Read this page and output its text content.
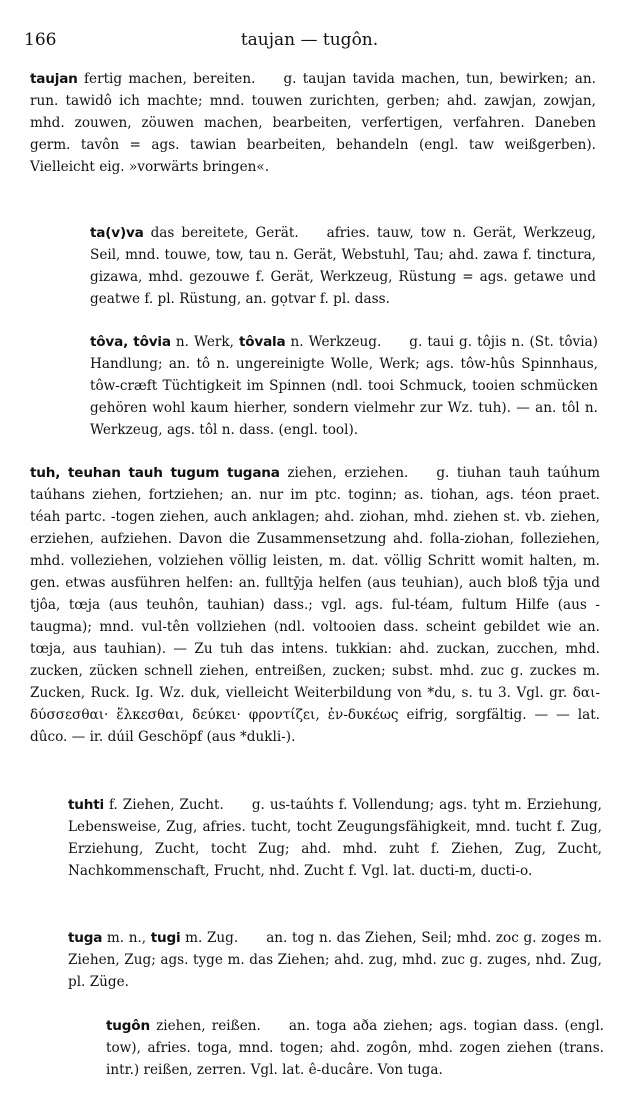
166	taujan — tugôn.

taujan fertig machen, bereiten. g. taujan tavida machen, tun, bewirken; an. run. tawidô ich machte; mnd. touwen zurichten, gerben; ahd. zawjan, zowjan, mhd. zouwen, zöuwen machen, bearbeiten, verfertigen, verfahren. Daneben germ. tavôn = ags. tawian bearbeiten, behandeln (engl. taw weißgerben). Vielleicht eig. »vorwärts bringen«.

ta(v)va das bereitete, Gerät. afries. tauw, tow n. Gerät, Werkzeug, Seil, mnd. touwe, tow, tau n. Gerät, Webstuhl, Tau; ahd. zawa f. tinctura, gizawa, mhd. gezouwe f. Gerät, Werkzeug, Rüstung = ags. getawe und geatwe f. pl. Rüstung, an. gọtvar f. pl. dass.

tôva, tôvia n. Werk, tôvala n. Werkzeug. g. taui g. tôjis n. (St. tôvia) Handlung; an. tô n. ungereinigte Wolle, Werk; ags. tôw-hûs Spinnhaus, tôw-cræft Tüchtigkeit im Spinnen (ndl. tooi Schmuck, tooien schmücken gehören wohl kaum hierher, sondern vielmehr zur Wz. tuh). — an. tôl n. Werkzeug, ags. tôl n. dass. (engl. tool).

tuh, teuhan tauh tugum tugana ziehen, erziehen. g. tiuhan tauh taúhum taúhans ziehen, fortziehen; an. nur im ptc. toginn; as. tiohan, ags. téon praet. téah partc. -togen ziehen, auch anklagen; ahd. ziohan, mhd. ziehen st. vb. ziehen, erziehen, aufziehen. Davon die Zusammensetzung ahd. folla-ziohan, folleziehen, mhd. volleziehen, volziehen völlig leisten, m. dat. völlig Schritt womit halten, m. gen. etwas ausführen helfen: an. fulltȳja helfen (aus teuhian), auch bloß tȳja und tjôa, tœja (aus teuhôn, tauhian) dass.; vgl. ags. ful-téam, fultum Hilfe (aus -taugma); mnd. vul-tên vollziehen (ndl. voltooien dass. scheint gebildet wie an. tœja, aus tauhian). — Zu tuh das intens. tukkian: ahd. zuckan, zucchen, mhd. zucken, zücken schnell ziehen, entreißen, zucken; subst. mhd. zuc g. zuckes m. Zucken, Ruck. Ig. Wz. duk, vielleicht Weiterbildung von *du, s. tu 3. Vgl. gr. δαι-δύσσεσθαι· ἕλκεσθαι, δεύκει· φροντίζει, ἐν-δυκέως eifrig, sorgfältig. — — lat. dûco. — ir. dúil Geschöpf (aus *dukli-).

tuhti f. Ziehen, Zucht. g. us-taúhts f. Vollendung; ags. tyht m. Erziehung, Lebensweise, Zug, afries. tucht, tocht Zeugungsfähigkeit, mnd. tucht f. Zug, Erziehung, Zucht, tocht Zug; ahd. mhd. zuht f. Ziehen, Zug, Zucht, Nachkommenschaft, Frucht, nhd. Zucht f. Vgl. lat. ducti-m, ducti-o.

tuga m. n., tugi m. Zug. an. tog n. das Ziehen, Seil; mhd. zoc g. zoges m. Ziehen, Zug; ags. tyge m. das Ziehen; ahd. zug, mhd. zuc g. zuges, nhd. Zug, pl. Züge.

tugôn ziehen, reißen. an. toga aða ziehen; ags. togian dass. (engl. tow), afries. toga, mnd. togen; ahd. zogôn, mhd. zogen ziehen (trans. intr.) reißen, zerren. Vgl. lat. ê-ducâre. Von tuga.
